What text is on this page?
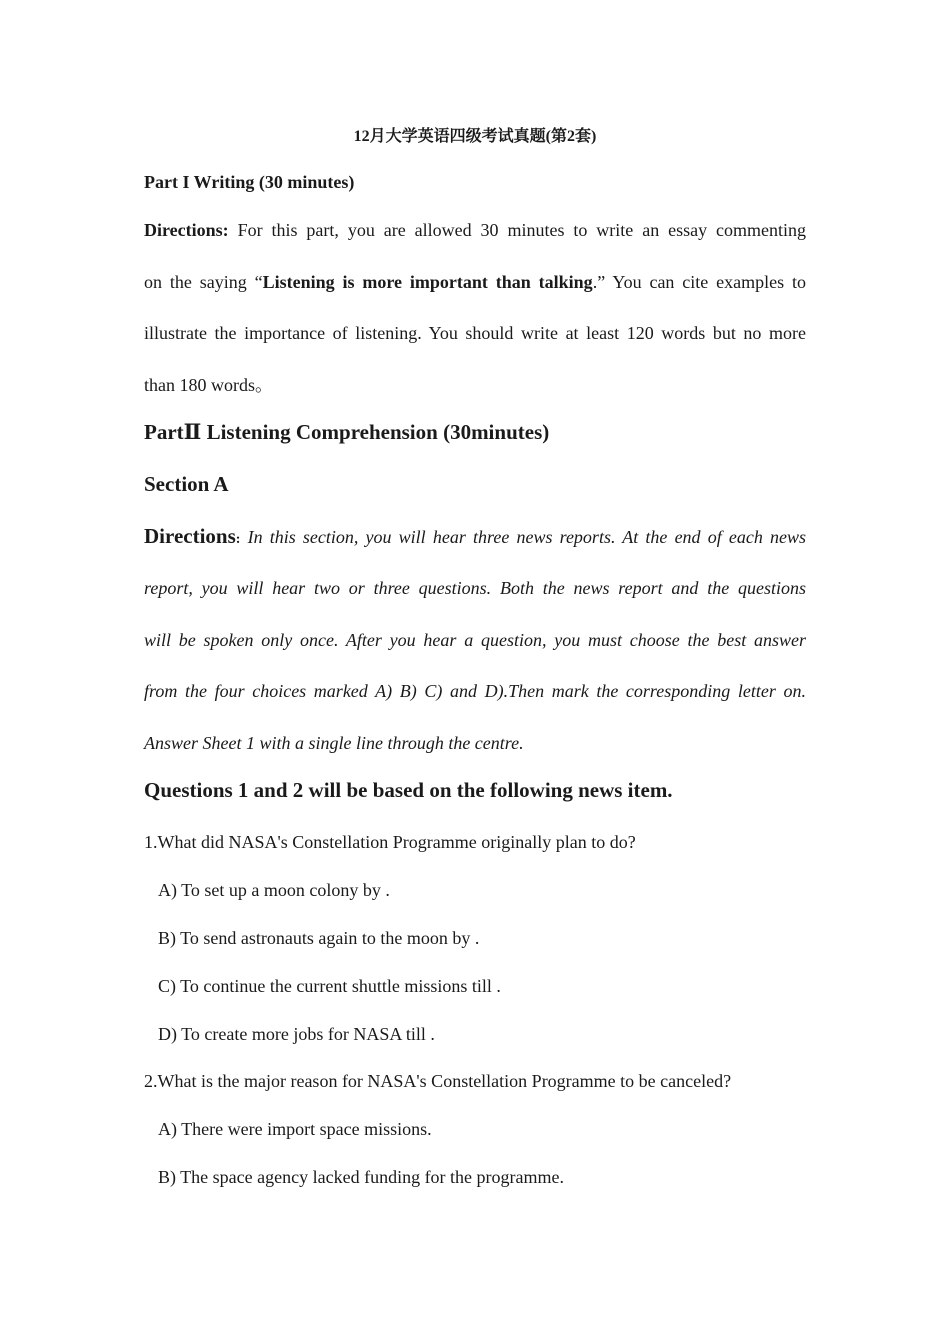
12月大学英语四级考试真题(第2套)
Part I Writing (30 minutes)
Directions: For this part, you are allowed 30 minutes to write an essay commenting
on the saying “Listening is more important than talking.” You can cite examples to
illustrate the importance of listening. You should write at least 120 words but no more
than 180 words。
PartⅡ Listening Comprehension (30minutes)
Section A
Directions: In this section, you will hear three news reports. At the end of each news
report, you will hear two or three questions. Both the news report and the questions
will be spoken only once. After you hear a question, you must choose the best answer
from the four choices marked A) B) C) and D).Then mark the corresponding letter on.
Answer Sheet 1 with a single line through the centre.
Questions 1 and 2 will be based on the following news item.
1.What did NASA's Constellation Programme originally plan to do?
A) To set up a moon colony by .
B) To send astronauts again to the moon by .
C) To continue the current shuttle missions till .
D) To create more jobs for NASA till .
2.What is the major reason for NASA's Constellation Programme to be canceled?
A) There were import space missions.
B) The space agency lacked funding for the programme.
